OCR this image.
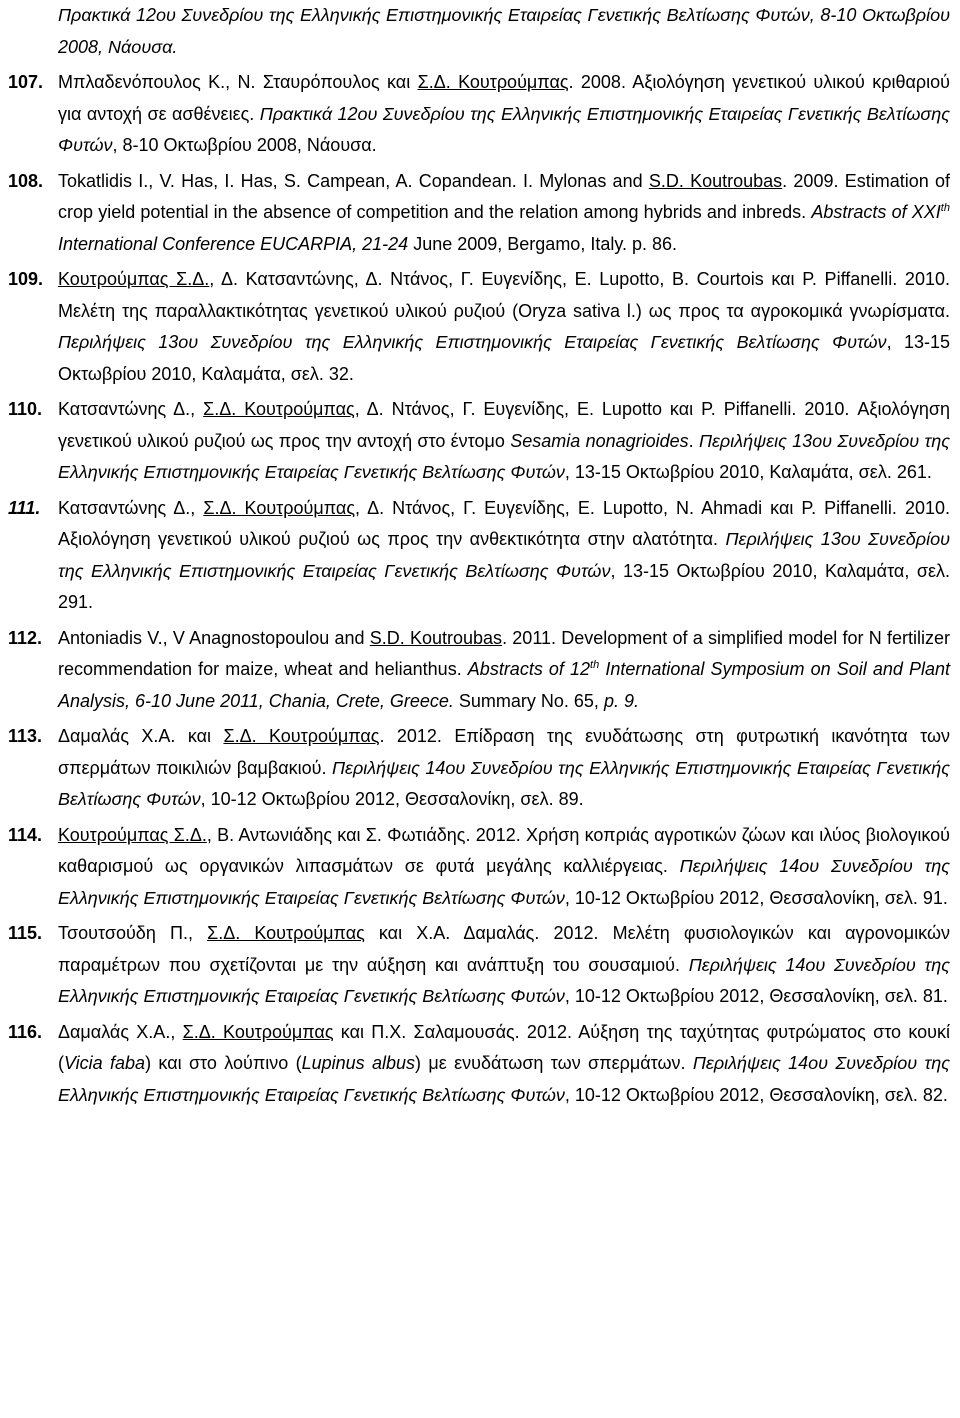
Πρακτικά 12ου Συνεδρίου της Ελληνικής Επιστημονικής Εταιρείας Γενετικής Βελτίωσης Φυτών, 8-10 Οκτωβρίου 2008, Νάουσα.
107. Μπλαδενόπουλος Κ., Ν. Σταυρόπουλος και Σ.Δ. Κουτρούμπας. 2008. Αξιολόγηση γενετικού υλικού κριθαριού για αντοχή σε ασθένειες. Πρακτικά 12ου Συνεδρίου της Ελληνικής Επιστημονικής Εταιρείας Γενετικής Βελτίωσης Φυτών, 8-10 Οκτωβρίου 2008, Νάουσα.
108. Tokatlidis I., V. Has, I. Has, S. Campean, A. Copandean. I. Mylonas and S.D. Koutroubas. 2009. Estimation of crop yield potential in the absence of competition and the relation among hybrids and inbreds. Abstracts of XXIth International Conference EUCARPIA, 21-24 June 2009, Bergamo, Italy. p. 86.
109. Κουτρούμπας Σ.Δ., Δ. Κατσαντώνης, Δ. Ντάνος, Γ. Ευγενίδης, E. Lupotto, B. Courtois και P. Piffanelli. 2010. Μελέτη της παραλλακτικότητας γενετικού υλικού ρυζιού (Oryza sativa l.) ως προς τα αγροκομικά γνωρίσματα. Περιλήψεις 13ου Συνεδρίου της Ελληνικής Επιστημονικής Εταιρείας Γενετικής Βελτίωσης Φυτών, 13-15 Οκτωβρίου 2010, Καλαμάτα, σελ. 32.
110. Κατσαντώνης Δ., Σ.Δ. Κουτρούμπας, Δ. Ντάνος, Γ. Ευγενίδης, E. Lupotto και P. Piffanelli. 2010. Αξιολόγηση γενετικού υλικού ρυζιού ως προς την αντοχή στο έντομο Sesamia nonagrioides. Περιλήψεις 13ου Συνεδρίου της Ελληνικής Επιστημονικής Εταιρείας Γενετικής Βελτίωσης Φυτών, 13-15 Οκτωβρίου 2010, Καλαμάτα, σελ. 261.
111. Κατσαντώνης Δ., Σ.Δ. Κουτρούμπας, Δ. Ντάνος, Γ. Ευγενίδης, E. Lupotto, N. Ahmadi και P. Piffanelli. 2010. Αξιολόγηση γενετικού υλικού ρυζιού ως προς την ανθεκτικότητα στην αλατότητα. Περιλήψεις 13ου Συνεδρίου της Ελληνικής Επιστημονικής Εταιρείας Γενετικής Βελτίωσης Φυτών, 13-15 Οκτωβρίου 2010, Καλαμάτα, σελ. 291.
112. Antoniadis V., V Anagnostopoulou and S.D. Koutroubas. 2011. Development of a simplified model for N fertilizer recommendation for maize, wheat and helianthus. Abstracts of 12th International Symposium on Soil and Plant Analysis, 6-10 June 2011, Chania, Crete, Greece. Summary No. 65, p. 9.
113. Δαμαλάς Χ.Α. και Σ.Δ. Κουτρούμπας. 2012. Επίδραση της ενυδάτωσης στη φυτρωτική ικανότητα των σπερμάτων ποικιλιών βαμβακιού. Περιλήψεις 14ου Συνεδρίου της Ελληνικής Επιστημονικής Εταιρείας Γενετικής Βελτίωσης Φυτών, 10-12 Οκτωβρίου 2012, Θεσσαλονίκη, σελ. 89.
114. Κουτρούμπας Σ.Δ., Β. Αντωνιάδης και Σ. Φωτιάδης. 2012. Χρήση κοπριάς αγροτικών ζώων και ιλύος βιολογικού καθαρισμού ως οργανικών λιπασμάτων σε φυτά μεγάλης καλλιέργειας. Περιλήψεις 14ου Συνεδρίου της Ελληνικής Επιστημονικής Εταιρείας Γενετικής Βελτίωσης Φυτών, 10-12 Οκτωβρίου 2012, Θεσσαλονίκη, σελ. 91.
115. Τσουτσούδη Π., Σ.Δ. Κουτρούμπας και Χ.Α. Δαμαλάς. 2012. Μελέτη φυσιολογικών και αγρονομικών παραμέτρων που σχετίζονται με την αύξηση και ανάπτυξη του σουσαμιού. Περιλήψεις 14ου Συνεδρίου της Ελληνικής Επιστημονικής Εταιρείας Γενετικής Βελτίωσης Φυτών, 10-12 Οκτωβρίου 2012, Θεσσαλονίκη, σελ. 81.
116. Δαμαλάς Χ.Α., Σ.Δ. Κουτρούμπας και Π.Χ. Σαλαμουσάς. 2012. Αύξηση της ταχύτητας φυτρώματος στο κουκί (Vicia faba) και στο λούπινο (Lupinus albus) με ενυδάτωση των σπερμάτων. Περιλήψεις 14ου Συνεδρίου της Ελληνικής Επιστημονικής Εταιρείας Γενετικής Βελτίωσης Φυτών, 10-12 Οκτωβρίου 2012, Θεσσαλονίκη, σελ. 82.
